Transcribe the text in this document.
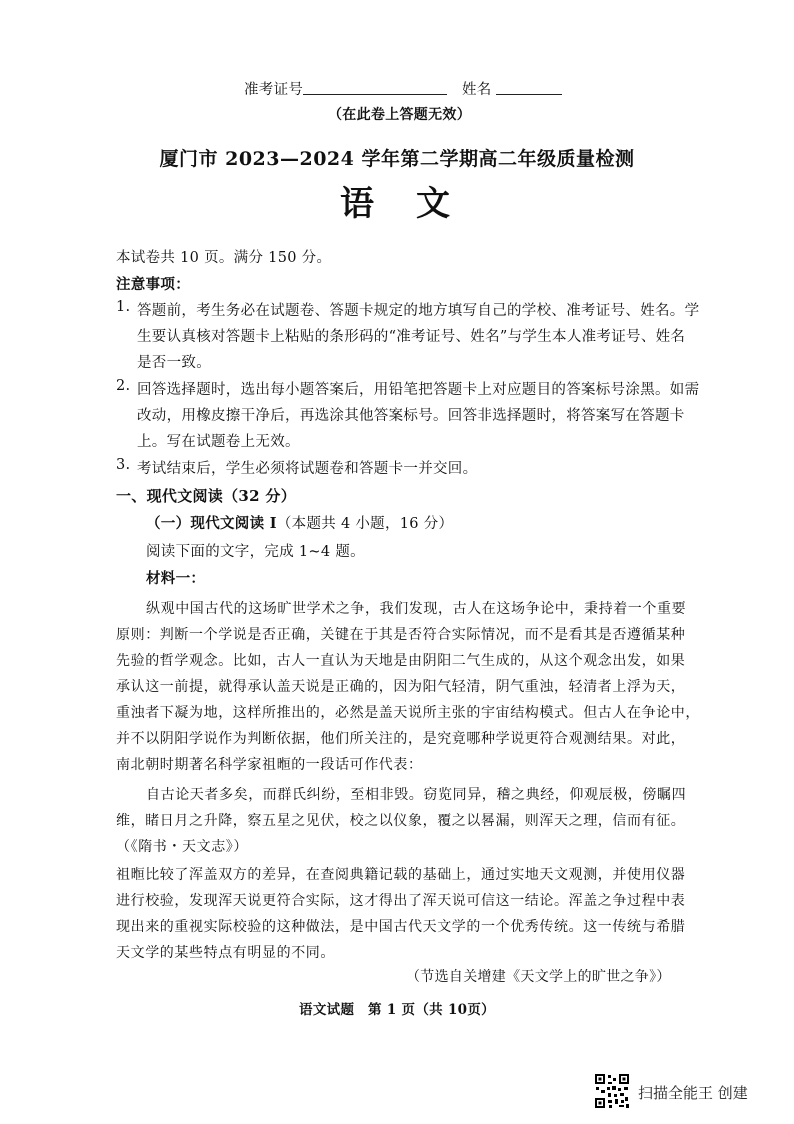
准考证号	姓名
（在此卷上答题无效）
厦门市 2023—2024 学年第二学期高二年级质量检测
语　文
本试卷共 10 页。满分 150 分。
注意事项：
1. 答题前，考生务必在试题卷、答题卡规定的地方填写自己的学校、准考证号、姓名。学
生要认真核对答题卡上粘贴的条形码的“准考证号、姓名”与学生本人准考证号、姓名
是否一致。
2. 回答选择题时，选出每小题答案后，用铅笔把答题卡上对应题目的答案标号涂黑。如需
改动，用橡皮擦干净后，再选涂其他答案标号。回答非选择题时，将答案写在答题卡
上。写在试题卷上无效。
3. 考试结束后，学生必须将试题卷和答题卡一并交回。
一、现代文阅读（32 分）
（一）现代文阅读 I（本题共 4 小题，16 分）
阅读下面的文字，完成 1~4 题。
材料一：
纵观中国古代的这场旷世学术之争，我们发现，古人在这场争论中，秉持着一个重要
原则：判断一个学说是否正确，关键在于其是否符合实际情况，而不是看其是否遵循某种
先验的哲学观念。比如，古人一直认为天地是由阴阳二气生成的，从这个观念出发，如果
承认这一前提，就得承认盖天说是正确的，因为阳气轻清，阴气重浊，轻清者上浮为天，
重浊者下凝为地，这样所推出的，必然是盖天说所主张的宇宙结构模式。但古人在争论中，
并不以阴阳学说作为判断依据，他们所关注的，是究竟哪种学说更符合观测结果。对此，
南北朝时期著名科学家祖暅的一段话可作代表：
自古论天者多矣，而群氏纠纷，至相非毁。窃览同异，稽之典经，仰观辰极，傍瞩四
维，睹日月之升降，察五星之见伏，校之以仪象，覆之以晷漏，则浑天之理，信而有征。
（《隋书・天文志》）
祖暅比较了浑盖双方的差异，在查阅典籍记载的基础上，通过实地天文观测，并使用仪器
进行校验，发现浑天说更符合实际，这才得出了浑天说可信这一结论。浑盖之争过程中表
现出来的重视实际校验的这种做法，是中国古代天文学的一个优秀传统。这一传统与希腊
天文学的某些特点有明显的不同。
（节选自关增建《天文学上的旷世之争》）
语文试题　第 1 页（共 10页）
扫描全能王 创建
